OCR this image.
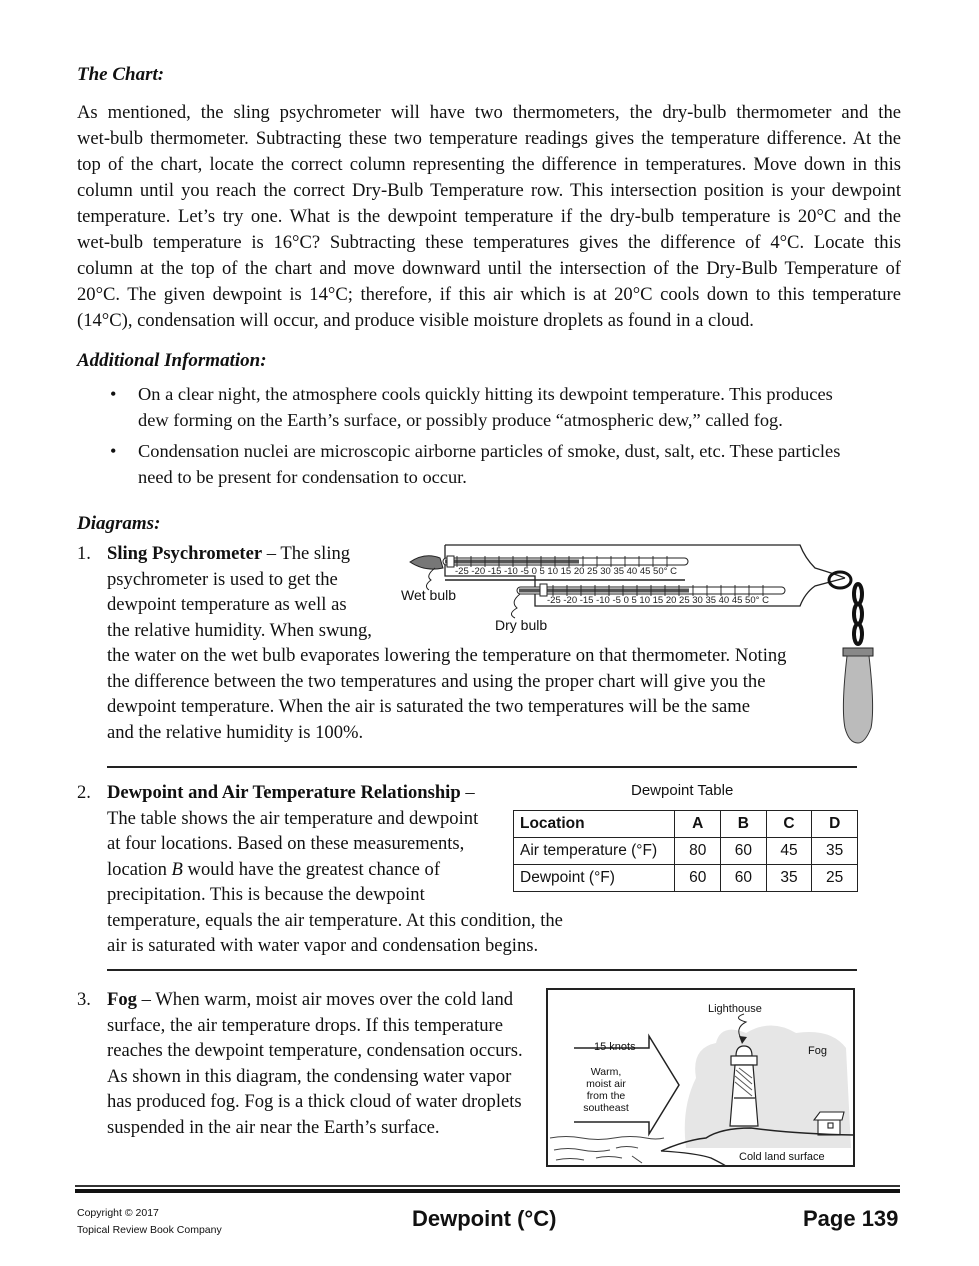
The Chart:
As mentioned, the sling psychrometer will have two thermometers, the dry-bulb thermometer and the
wet-bulb thermometer. Subtracting these two temperature readings gives the temperature difference. At the
top of the chart, locate the correct column representing the difference in temperatures. Move down in this
column until you reach the correct Dry-Bulb Temperature row. This intersection position is your dewpoint
temperature. Let’s try one. What is the dewpoint temperature if the dry-bulb temperature is 20°C and the
wet-bulb temperature is 16°C? Subtracting these temperatures gives the difference of 4°C. Locate this
column at the top of the chart and move downward until the intersection of the Dry-Bulb Temperature of
20°C. The given dewpoint is 14°C; therefore, if this air which is at 20°C cools down to this temperature
(14°C), condensation will occur, and produce visible moisture droplets as found in a cloud.
Additional Information:
• On a clear night, the atmosphere cools quickly hitting its dewpoint temperature. This produces
dew forming on the Earth’s surface, or possibly produce “atmospheric dew,” called fog.
• Condensation nuclei are microscopic airborne particles of smoke, dust, salt, etc. These particles
need to be present for condensation to occur.
Diagrams:
1. Sling Psychrometer – The sling
psychrometer is used to get the
dewpoint temperature as well as
the relative humidity. When swung,
the water on the wet bulb evaporates lowering the temperature on that thermometer. Noting
the difference between the two temperatures and using the proper chart will give you the
dewpoint temperature. When the air is saturated the two temperatures will be the same
and the relative humidity is 100%.
-25 -20 -15 -10 -5 0 5 10 15 20 25 30 35 40 45 50° C
-25 -20 -15 -10 -5 0 5 10 15 20 25 30 35 40 45 50° C
Wet bulb
Dry bulb
2. Dewpoint and Air Temperature Relationship –
The table shows the air temperature and dewpoint
at four locations. Based on these measurements,
location B would have the greatest chance of
precipitation. This is because the dewpoint
temperature, equals the air temperature. At this condition, the
air is saturated with water vapor and condensation begins.
Dewpoint Table
Location	A	B	C	D
Air temperature (°F)	80	60	45	35
Dewpoint (°F)	60	60	35	25
3. Fog – When warm, moist air moves over the cold land
surface, the air temperature drops. If this temperature
reaches the dewpoint temperature, condensation occurs.
As shown in this diagram, the condensing water vapor
has produced fog. Fog is a thick cloud of water droplets
suspended in the air near the Earth’s surface.
15 knots
Warm,
moist air
from the
southeast
Lighthouse
Fog
Cold land surface
Copyright © 2017
Topical Review Book Company	Dewpoint (°C)	Page 139
